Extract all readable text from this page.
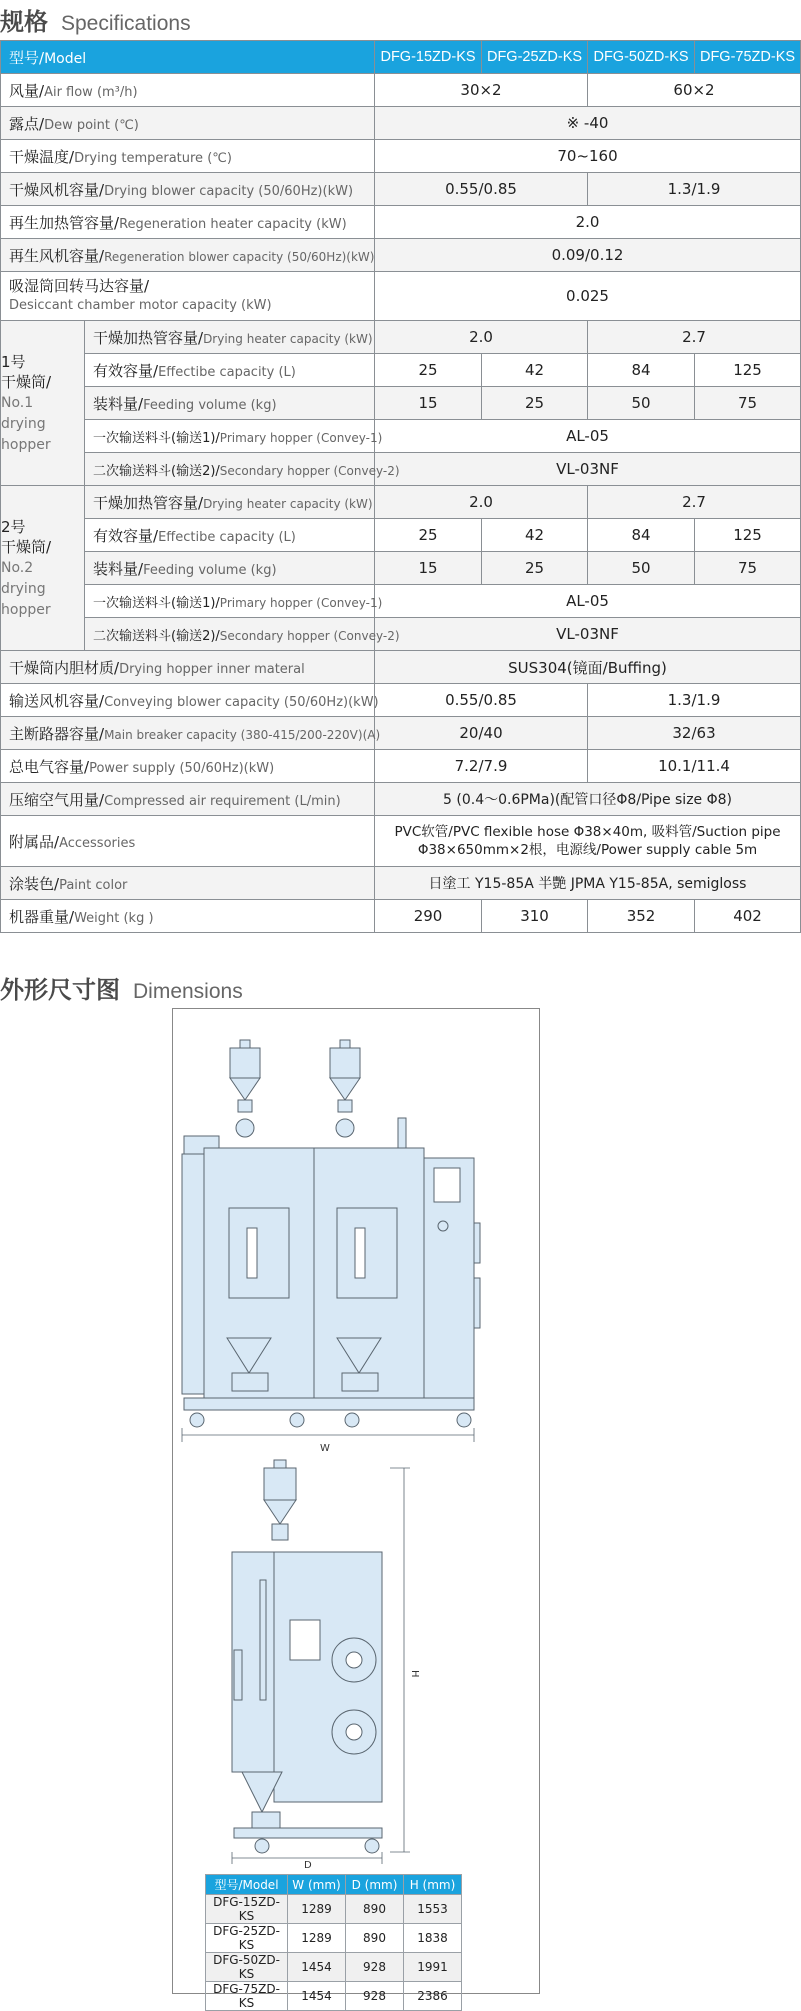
规格 Specifications
型号/Model		DFG-15ZD-KS	DFG-25ZD-KS	DFG-50ZD-KS	DFG-75ZD-KS
风量/Air flow (m³/h)		30×2		60×2	
露点/Dew point (℃)		※ -40			
干燥温度/Drying temperature (℃)		70~160			
干燥风机容量/Drying blower capacity (50/60Hz)(kW)		0.55/0.85		1.3/1.9	
再生加热管容量/Regeneration heater capacity (kW)		2.0			
再生风机容量/Regeneration blower capacity (50/60Hz)(kW)		0.09/0.12			
吸湿筒回转马达容量/
Desiccant chamber motor capacity (kW)		0.025			
1号
干燥筒/
No.1
drying
hopper	干燥加热管容量/Drying heater capacity (kW)	2.0		2.7	
	有效容量/Effectibe capacity (L)	25	42	84	125
	装料量/Feeding volume (kg)	15	25	50	75
	一次输送料斗(输送1)/Primary hopper (Convey-1)	AL-05			
	二次输送料斗(输送2)/Secondary hopper (Convey-2)	VL-03NF			
2号
干燥筒/
No.2
drying
hopper	干燥加热管容量/Drying heater capacity (kW)	2.0		2.7	
	有效容量/Effectibe capacity (L)	25	42	84	125
	装料量/Feeding volume (kg)	15	25	50	75
	一次输送料斗(输送1)/Primary hopper (Convey-1)	AL-05			
	二次输送料斗(输送2)/Secondary hopper (Convey-2)	VL-03NF			
干燥筒内胆材质/Drying hopper inner materal		SUS304(镜面/Buffing)			
输送风机容量/Conveying blower capacity (50/60Hz)(kW)		0.55/0.85		1.3/1.9	
主断路器容量/Main breaker capacity (380-415/200-220V)(A)		20/40		32/63	
总电气容量/Power supply (50/60Hz)(kW)		7.2/7.9		10.1/11.4	
压缩空气用量/Compressed air requirement (L/min)		5 (0.4～0.6PMa)(配管口径Φ8/Pipe size Φ8)			
附属品/Accessories		PVC软管/PVC flexible hose Φ38×40m, 吸料管/Suction pipe
Φ38×650mm×2根，电源线/Power supply cable 5m			
涂装色/Paint color		日塗工 Y15-85A 半艷 JPMA Y15-85A, semigloss			
机器重量/Weight (kg )		290	310	352	402
外形尺寸图 Dimensions
W
H
D
型号/Model	W (mm)	D (mm)	H (mm)
DFG-15ZD-KS	1289	890	1553
DFG-25ZD-KS	1289	890	1838
DFG-50ZD-KS	1454	928	1991
DFG-75ZD-KS	1454	928	2386
